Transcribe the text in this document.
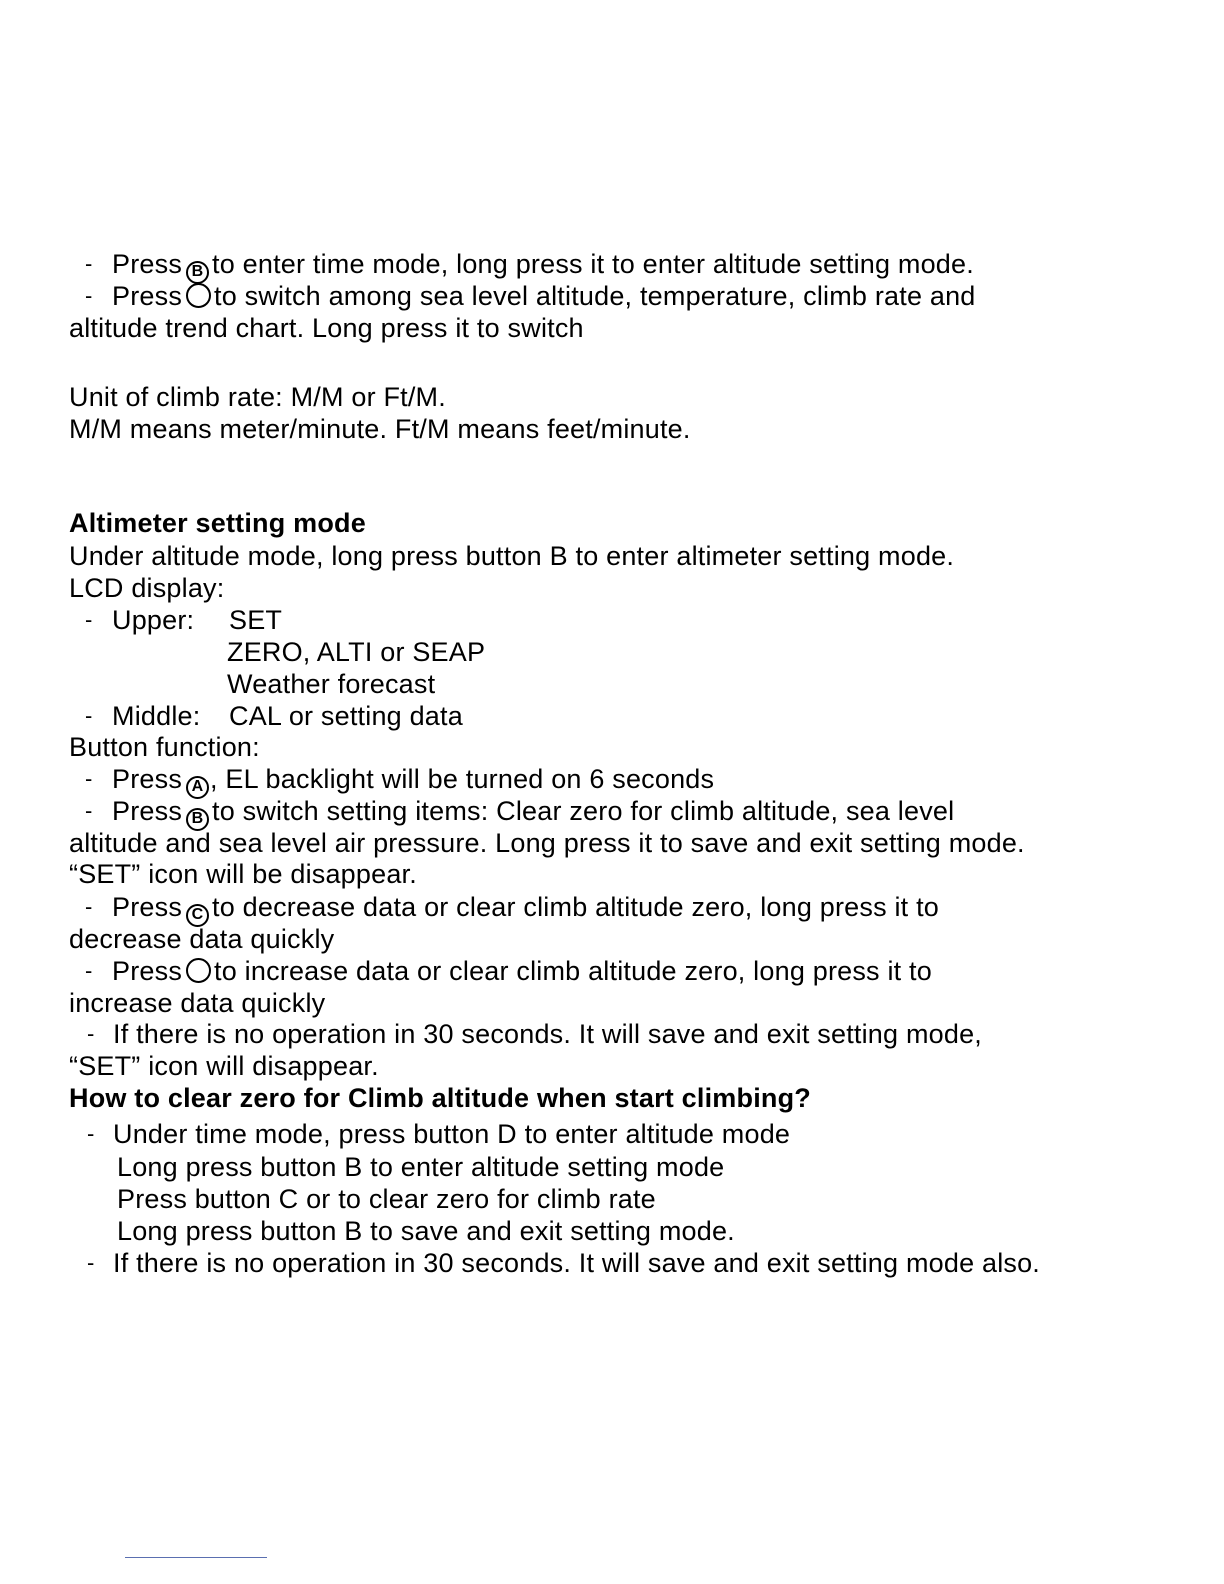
- Press B to enter time mode, long press it to enter altitude setting mode.
- Press to switch among sea level altitude, temperature, climb rate and
altitude trend chart. Long press it to switch
Unit of climb rate: M/M or Ft/M.
M/M means meter/minute. Ft/M means feet/minute.
Altimeter setting mode
Under altitude mode, long press button B to enter altimeter setting mode.
LCD display:
- Upper: SET
ZERO, ALTI or SEAP
Weather forecast
- Middle: CAL or setting data
Button function:
- Press A , EL backlight will be turned on 6 seconds
- Press B to switch setting items: Clear zero for climb altitude, sea level
altitude and sea level air pressure. Long press it to save and exit setting mode.
“SET” icon will be disappear.
- Press C to decrease data or clear climb altitude zero, long press it to
decrease data quickly
- Press to increase data or clear climb altitude zero, long press it to
increase data quickly
- If there is no operation in 30 seconds. It will save and exit setting mode,
“SET” icon will disappear.
How to clear zero for Climb altitude when start climbing?
- Under time mode, press button D to enter altitude mode
Long press button B to enter altitude setting mode
Press button C or to clear zero for climb rate
Long press button B to save and exit setting mode.
- If there is no operation in 30 seconds. It will save and exit setting mode also.
